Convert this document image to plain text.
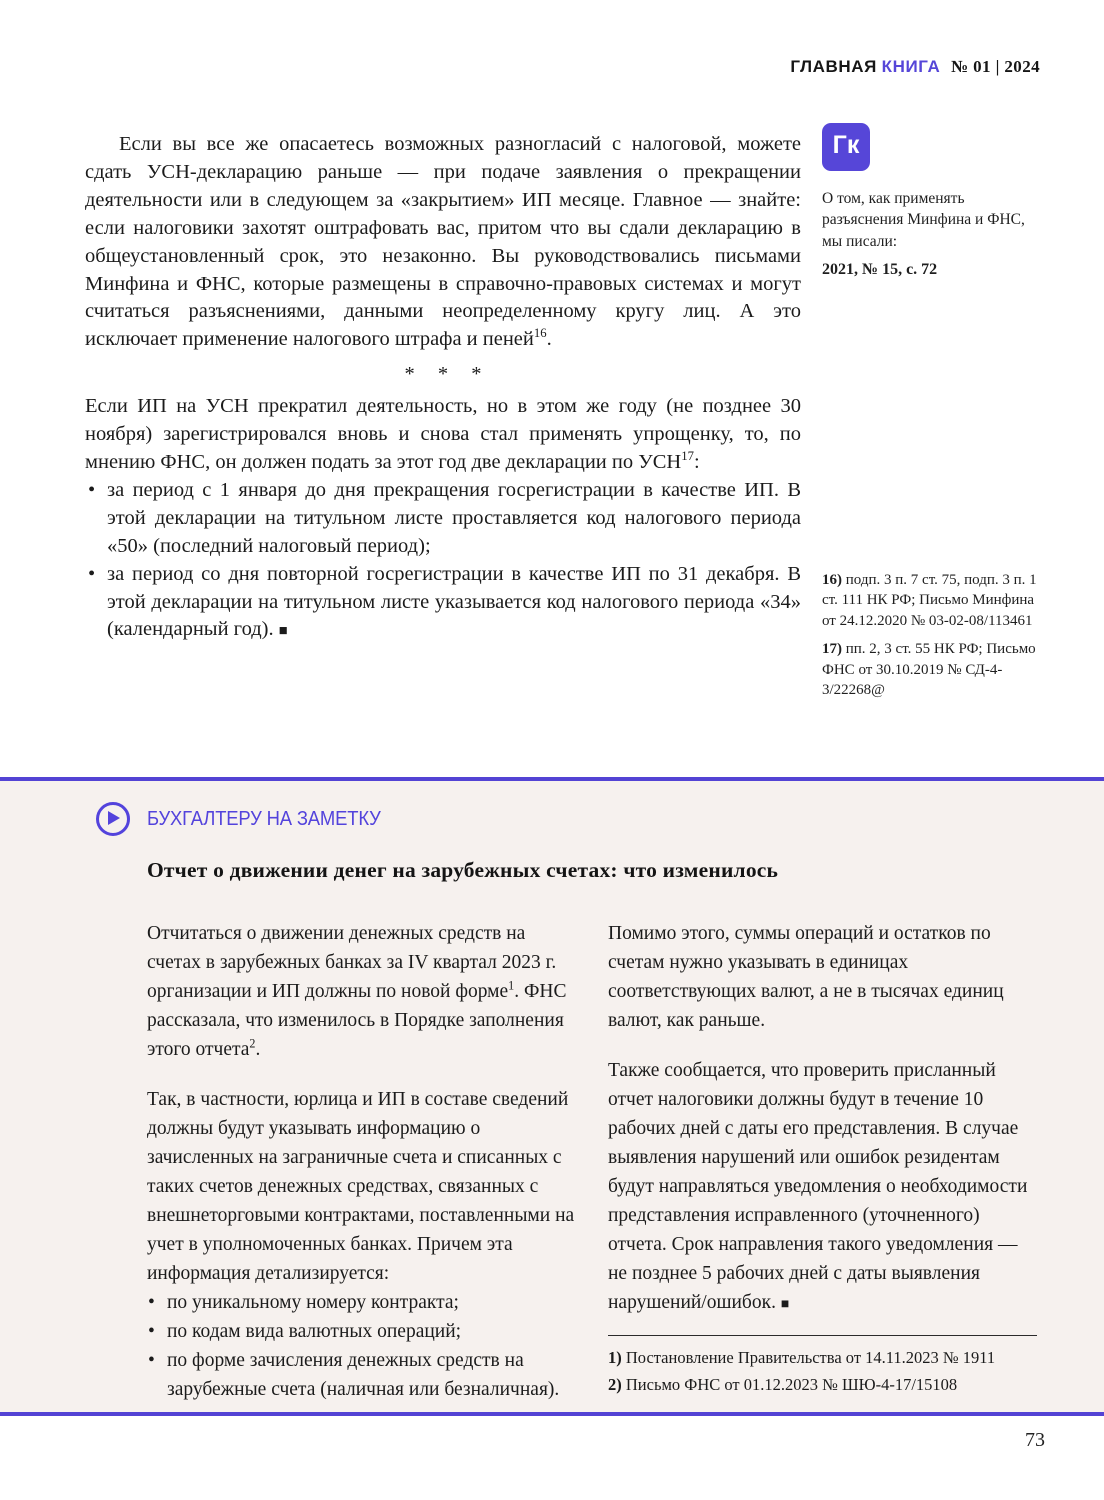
ГЛАВНАЯ КНИГА № 01 | 2024

Если вы все же опасаетесь возможных разногласий с налоговой, можете сдать УСН-декларацию раньше — при подаче заявления о прекращении деятельности или в следующем за «закрытием» ИП месяце. Главное — знайте: если налоговики захотят оштрафовать вас, притом что вы сдали декларацию в общеустановленный срок, это незаконно. Вы руководствовались письмами Минфина и ФНС, которые размещены в справочно-правовых системах и могут считаться разъяснениями, данными неопределенному кругу лиц. А это исключает применение налогового штрафа и пеней$^{16}$.

* * *

Если ИП на УСН прекратил деятельность, но в этом же году (не позднее 30 ноября) зарегистрировался вновь и снова стал применять упрощенку, то, по мнению ФНС, он должен подать за этот год две декларации по УСН$^{17}$:

• за период с 1 января до дня прекращения госрегистрации в качестве ИП. В этой декларации на титульном листе проставляется код налогового периода «50» (последний налоговый период);
• за период со дня повторной госрегистрации в качестве ИП по 31 декабря. В этой декларации на титульном листе указывается код налогового периода «34» (календарный год). ■
Гк

О том, как применять разъяснения Минфина и ФНС, мы писали:

2021, № 15, с. 72

16) подп. 3 п. 7 ст. 75, подп. 3 п. 1 ст. 111 НК РФ; Письмо Минфина от 24.12.2020 № 03-02-08/113461

17) пп. 2, 3 ст. 55 НК РФ; Письмо ФНС от 30.10.2019 № СД-4-3/22268@

БУХГАЛТЕРУ НА ЗАМЕТКУ
Отчет о движении денег на зарубежных счетах: что изменилось

Отчитаться о движении денежных средств на счетах в зарубежных банках за IV квартал 2023 г. организации и ИП должны по новой форме$^1$. ФНС рассказала, что изменилось в Порядке заполнения этого отчета$^2$.

Так, в частности, юрлица и ИП в составе сведений должны будут указывать информацию о зачисленных на заграничные счета и списанных с таких счетов денежных средствах, связанных с внешнеторговыми контрактами, поставленными на учет в уполномоченных банках. Причем эта информация детализируется:

• по уникальному номеру контракта;
• по кодам вида валютных операций;
• по форме зачисления денежных средств на зарубежные счета (наличная или безналичная).

Помимо этого, суммы операций и остатков по счетам нужно указывать в единицах соответствующих валют, а не в тысячах единиц валют, как раньше.

Также сообщается, что проверить присланный отчет налоговики должны будут в течение 10 рабочих дней с даты его представления. В случае выявления нарушений или ошибок резидентам будут направляться уведомления о необходимости представления исправленного (уточненного) отчета. Срок направления такого уведомления — не позднее 5 рабочих дней с даты выявления нарушений/ошибок. ■

1) Постановление Правительства от 14.11.2023 № 1911

2) Письмо ФНС от 01.12.2023 № ШЮ-4-17/15108

73
